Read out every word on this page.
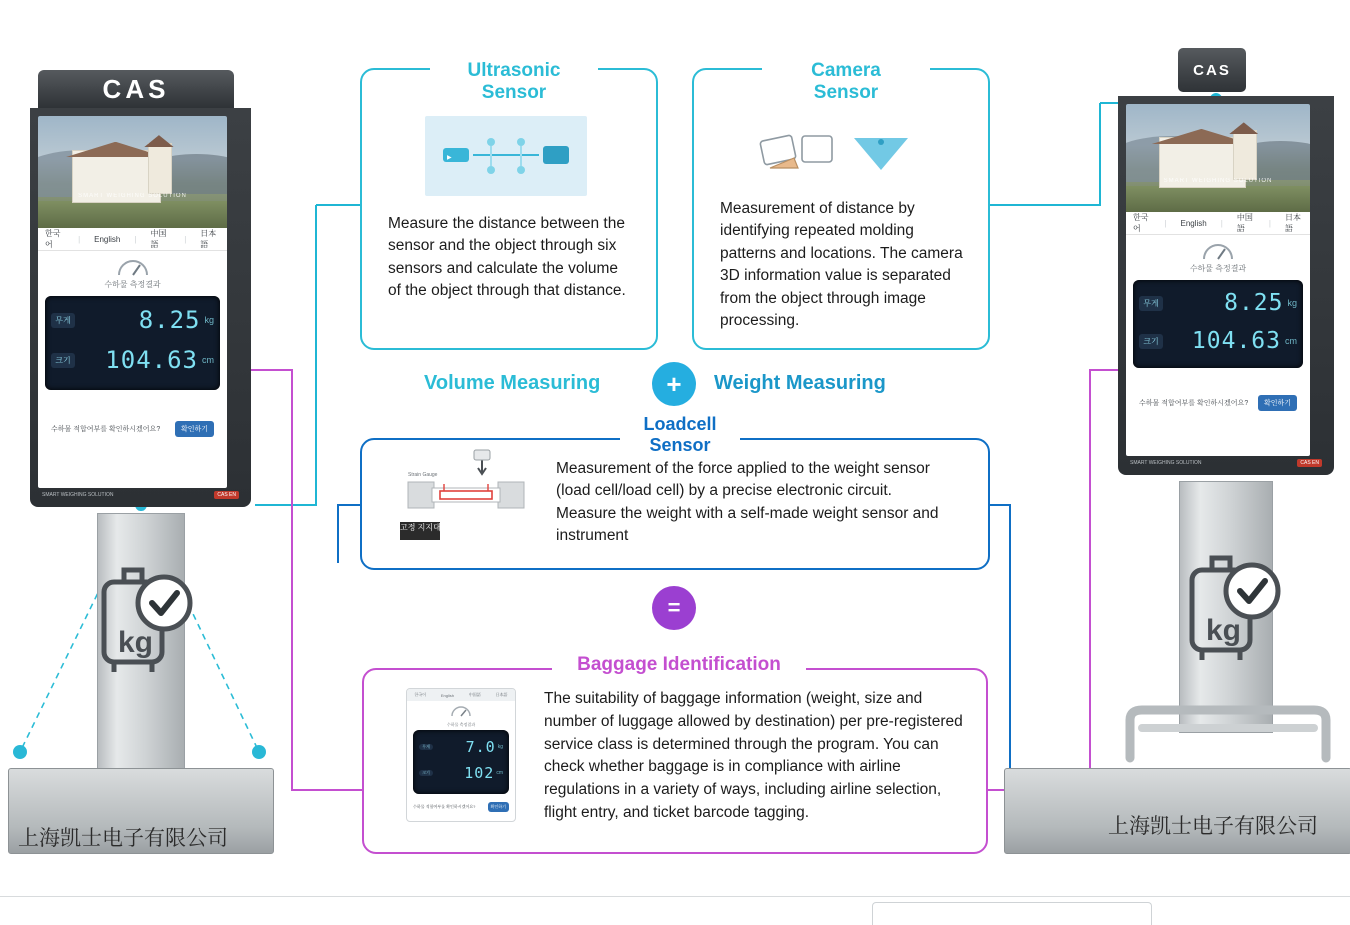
CAS
SMART WEIGHING SOLUTION
한국어
|	English	|
中国語
|
日本語
수하물 측정결과
무게	8.25 kg
크기	104.63 cm
수하물 적합여부를 확인하시겠어요?	확인하기
SMART WEIGHING SOLUTION	CAS EN
kg
上海凯士电子有限公司
CAS
SMART WEIGHING SOLUTION
한국어
|	English	|
中国語
|
日本語
수하물 측정결과
무게	8.25 kg
크기	104.63 cm
수하물 적합여부를 확인하시겠어요?	확인하기
SMART WEIGHING SOLUTION	CAS EN
kg
上海凯士电子有限公司
Ultrasonic
Sensor
▶
Measure the distance between the sensor and the object through six sensors and calculate the volume of the object through that distance.
Camera
Sensor
Measurement of distance by identifying repeated molding patterns and locations. The camera 3D information value is separated from the object through image processing.
Volume Measuring	+ Weight Measuring
Loadcell
Sensor
Strain Gauge
고정 지지대
Measurement of the force applied to the weight sensor (load cell/load cell) by a precise electronic circuit. Measure the weight with a self-made weight sensor and instrument
=
Baggage Identification
한국어	English	中国語	日本語
수하물 측정결과
무게	7.0 kg
크기	102 cm
수하물 적합여부를 확인하시겠어요?	확인하기
The suitability of baggage information (weight, size and number of luggage allowed by destination) per pre-registered service class is determined through the program. You can check whether baggage is in compliance with airline regulations in a variety of ways, including airline selection, flight entry, and ticket barcode tagging.
